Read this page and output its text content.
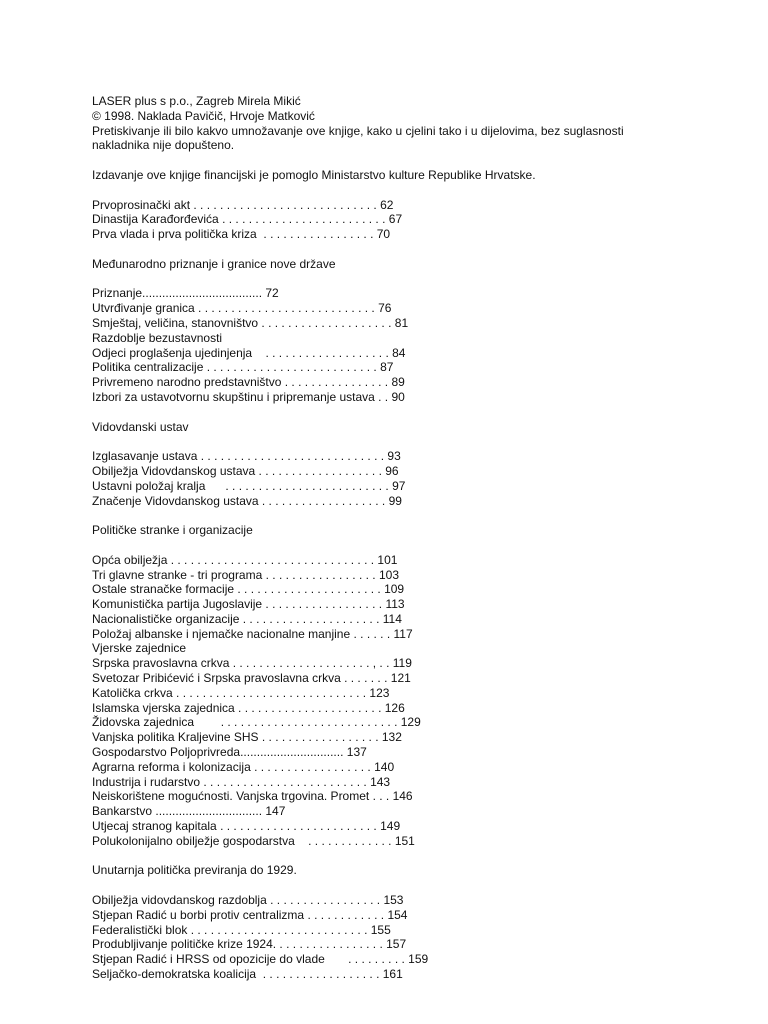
LASER plus s p.o., Zagreb Mirela Mikić
© 1998. Naklada Pavičič, Hrvoje Matković
Pretiskivanje ili bilo kakvo umnožavanje ove knjige, kako u cjelini tako i u dijelovima, bez suglasnosti
nakladnika nije dopušteno.
Izdavanje ove knjige financijski je pomoglo Ministarstvo kulture Republike Hrvatske.
Prvoprosinački akt . . . . . . . . . . . . . . . . . . . . . . . . . . . . 62
Dinastija Karađorđevića . . . . . . . . . . . . . . . . . . . . . . . . . 67
Prva vlada i prva politička kriza  . . . . . . . . . . . . . . . . . 70
Međunarodno priznanje i granice nove države
Priznanje.................................... 72
Utvrđivanje granica . . . . . . . . . . . . . . . . . . . . . . . . . . . 76
Smještaj, veličina, stanovništvo . . . . . . . . . . . . . . . . . . . . 81
Razdoblje bezustavnosti
Odjeci proglašenja ujedinjenja    . . . . . . . . . . . . . . . . . . . 84
Politika centralizacije . . . . . . . . . . . . . . . . . . . . . . . . . . 87
Privremeno narodno predstavništvo . . . . . . . . . . . . . . . . 89
Izbori za ustavotvornu skupštinu i pripremanje ustava . . 90
Vidovdanski ustav
Izglasavanje ustava . . . . . . . . . . . . . . . . . . . . . . . . . . . . 93
Obilježja Vidovdanskog ustava . . . . . . . . . . . . . . . . . . . 96
Ustavni položaj kralja      . . . . . . . . . . . . . . . . . . . . . . . . . 97
Značenje Vidovdanskog ustava . . . . . . . . . . . . . . . . . . . 99
Političke stranke i organizacije
Opća obilježja . . . . . . . . . . . . . . . . . . . . . . . . . . . . . . . 101
Tri glavne stranke - tri programa . . . . . . . . . . . . . . . . . 103
Ostale stranačke formacije . . . . . . . . . . . . . . . . . . . . . . 109
Komunistička partija Jugoslavije . . . . . . . . . . . . . . . . . . 113
Nacionalističke organizacije . . . . . . . . . . . . . . . . . . . . . 114
Položaj albanske i njemačke nacionalne manjine . . . . . . 117
Vjerske zajednice
Srpska pravoslavna crkva . . . . . . . . . . . . . . . . . . . . . , . . 119
Svetozar Pribićević i Srpska pravoslavna crkva . . . . . . . 121
Katolička crkva . . . . . . . . . . . . . . . . . . . . . . . . . . . . . 123
Islamska vjerska zajednica . . . . . . . . . . . . . . . . . . . . . . 126
Židovska zajednica        . . . . . . . . . . . . . . . . . . . . . . . . . . . 129
Vanjska politika Kraljevine SHS . . . . . . . . . . . . . . . . . . 132
Gospodarstvo Poljoprivreda............................... 137
Agrarna reforma i kolonizacija . . . . . . . . . . . . . . . . . . 140
Industrija i rudarstvo . . . . . . . . . . . . . . . . . . . . . . . . . 143
Neiskorištene mogućnosti. Vanjska trgovina. Promet . . . 146
Bankarstvo ................................ 147
Utjecaj stranog kapitala . . . . . . . . . . . . . . . . . . . . . . . . 149
Polukolonijalno obilježje gospodarstva    . . . . . . . . . . . . . 151
Unutarnja politička previranja do 1929.
Obilježja vidovdanskog razdoblja . . . . . . . . . . . . . . . . . 153
Stjepan Radić u borbi protiv centralizma . . . . . . . . . . . . 154
Federalistički blok . . . . . . . . . . . . . . . . . . . . . . . . . . . 155
Produbljivanje političke krize 1924. . . . . . . . . . . . . . . . . 157
Stjepan Radić i HRSS od opozicije do vlade       . . . . . . . . . 159
Seljačko-demokratska koalicija  . . . . . . . . . . . . . . . . . . 161
